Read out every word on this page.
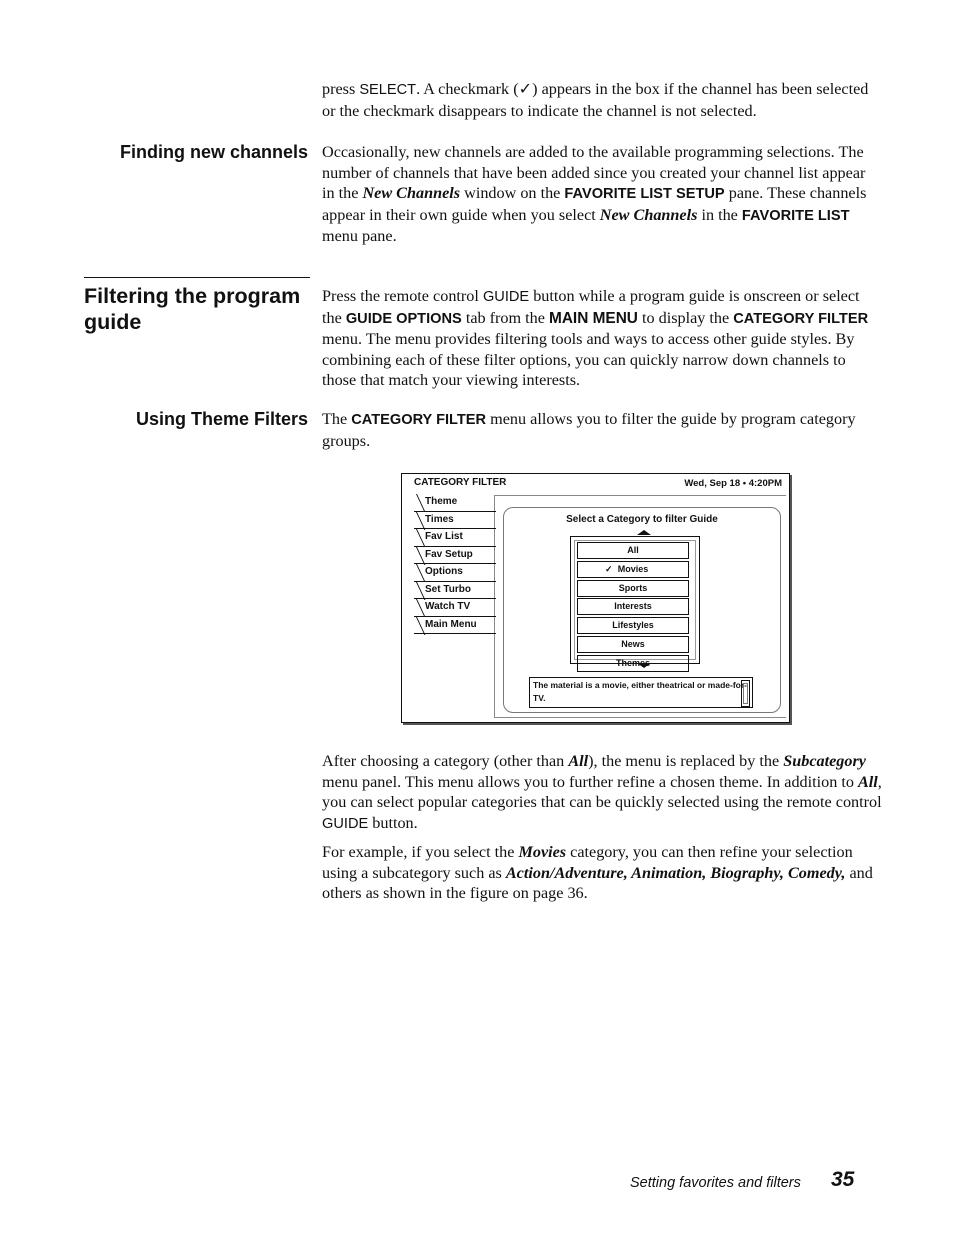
press SELECT. A checkmark (✓) appears in the box if the channel has been selected or the checkmark disappears to indicate the channel is not selected.

Finding new channels Occasionally, new channels are added to the available programming selections. The number of channels that have been added since you created your channel list appear in the New Channels window on the FAVORITE LIST SETUP pane. These channels appear in their own guide when you select New Channels in the FAVORITE LIST menu pane.

Filtering the program guide

Press the remote control GUIDE button while a program guide is onscreen or select the GUIDE OPTIONS tab from the MAIN MENU to display the CATEGORY FILTER menu. The menu provides filtering tools and ways to access other guide styles. By combining each of these filter options, you can quickly narrow down channels to those that match your viewing interests.

Using Theme Filters The CATEGORY FILTER menu allows you to filter the guide by program category groups.

CATEGORY FILTER	Wed, Sep 18 • 4:20PM
Theme
Times
Fav List
Fav Setup
Options
Set Turbo
Watch TV
Main Menu
Select a Category to filter Guide
All
✓ Movies
Sports
Interests
Lifestyles
News
Themes
The material is a movie, either theatrical or made-for-TV.

After choosing a category (other than All), the menu is replaced by the Subcategory menu panel. This menu allows you to further refine a chosen theme. In addition to All, you can select popular categories that can be quickly selected using the remote control GUIDE button.

For example, if you select the Movies category, you can then refine your selection using a subcategory such as Action/Adventure, Animation, Biography, Comedy, and others as shown in the figure on page 36.

Setting favorites and filters 35
